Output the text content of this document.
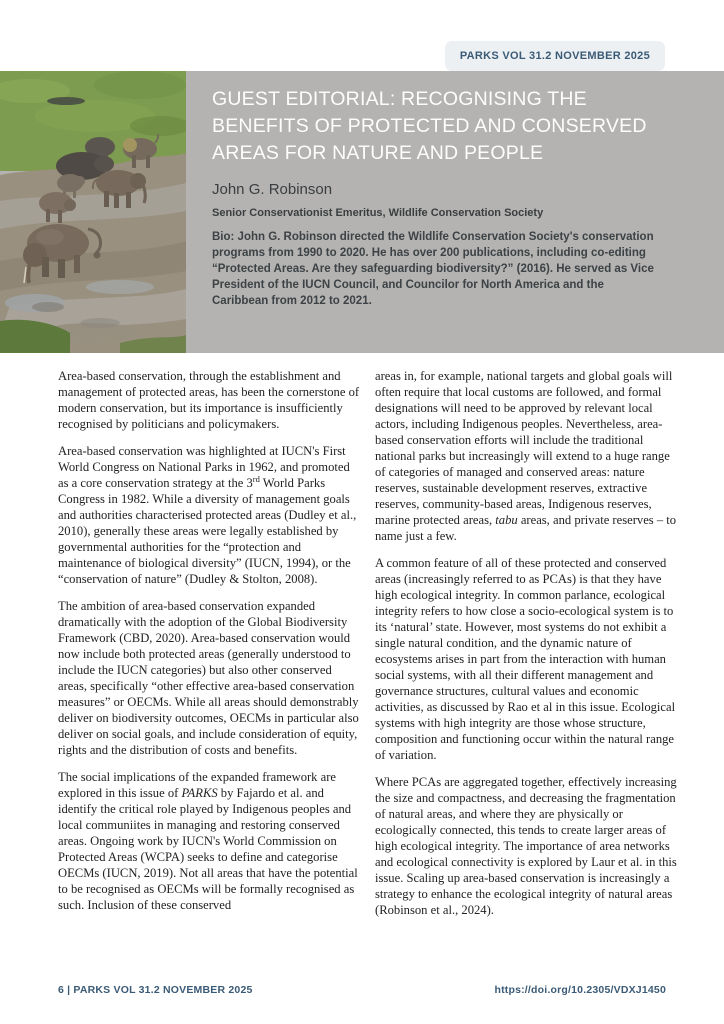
PARKS VOL 31.2 NOVEMBER 2025
GUEST EDITORIAL: RECOGNISING THE BENEFITS OF PROTECTED AND CONSERVED AREAS FOR NATURE AND PEOPLE
John G. Robinson
Senior Conservationist Emeritus, Wildlife Conservation Society
Bio: John G. Robinson directed the Wildlife Conservation Society's conservation programs from 1990 to 2020. He has over 200 publications, including co-editing “Protected Areas. Are they safeguarding biodiversity?” (2016). He served as Vice President of the IUCN Council, and Councilor for North America and the Caribbean from 2012 to 2021.

Area-based conservation, through the establishment and management of protected areas, has been the cornerstone of modern conservation, but its importance is insufficiently recognised by politicians and policymakers.

Area-based conservation was highlighted at IUCN's First World Congress on National Parks in 1962, and promoted as a core conservation strategy at the 3rd World Parks Congress in 1982. While a diversity of management goals and authorities characterised protected areas (Dudley et al., 2010), generally these areas were legally established by governmental authorities for the “protection and maintenance of biological diversity” (IUCN, 1994), or the “conservation of nature” (Dudley & Stolton, 2008).

The ambition of area-based conservation expanded dramatically with the adoption of the Global Biodiversity Framework (CBD, 2020). Area-based conservation would now include both protected areas (generally understood to include the IUCN categories) but also other conserved areas, specifically “other effective area-based conservation measures” or OECMs. While all areas should demonstrably deliver on biodiversity outcomes, OECMs in particular also deliver on social goals, and include consideration of equity, rights and the distribution of costs and benefits.

The social implications of the expanded framework are explored in this issue of PARKS by Fajardo et al. and identify the critical role played by Indigenous peoples and local communiites in managing and restoring conserved areas. Ongoing work by IUCN's World Commission on Protected Areas (WCPA) seeks to define and categorise OECMs (IUCN, 2019). Not all areas that have the potential to be recognised as OECMs will be formally recognised as such. Inclusion of these conserved

areas in, for example, national targets and global goals will often require that local customs are followed, and formal designations will need to be approved by relevant local actors, including Indigenous peoples. Nevertheless, area-based conservation efforts will include the traditional national parks but increasingly will extend to a huge range of categories of managed and conserved areas: nature reserves, sustainable development reserves, extractive reserves, community-based areas, Indigenous reserves, marine protected areas, tabu areas, and private reserves – to name just a few.

A common feature of all of these protected and conserved areas (increasingly referred to as PCAs) is that they have high ecological integrity. In common parlance, ecological integrity refers to how close a socio-ecological system is to its ‘natural’ state. However, most systems do not exhibit a single natural condition, and the dynamic nature of ecosystems arises in part from the interaction with human social systems, with all their different management and governance structures, cultural values and economic activities, as discussed by Rao et al in this issue. Ecological systems with high integrity are those whose structure, composition and functioning occur within the natural range of variation.

Where PCAs are aggregated together, effectively increasing the size and compactness, and decreasing the fragmentation of natural areas, and where they are physically or ecologically connected, this tends to create larger areas of high ecological integrity. The importance of area networks and ecological connectivity is explored by Laur et al. in this issue. Scaling up area-based conservation is increasingly a strategy to enhance the ecological integrity of natural areas (Robinson et al., 2024).

6 | PARKS VOL 31.2 NOVEMBER 2025	https://doi.org/10.2305/VDXJ1450
